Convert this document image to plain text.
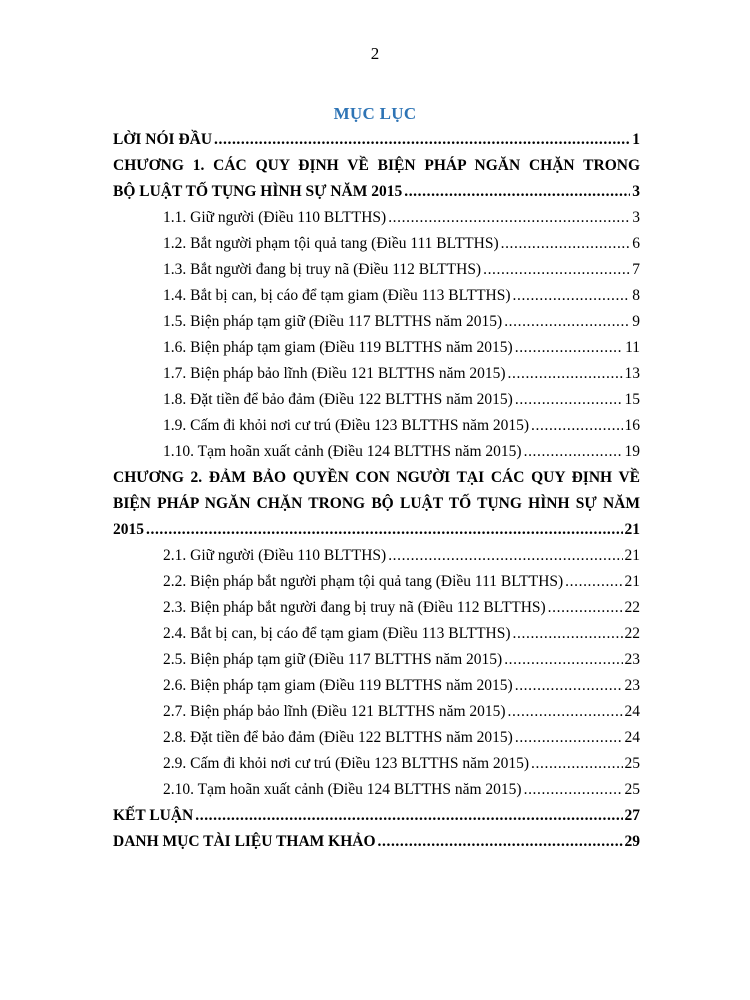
2
MỤC LỤC
LỜI NÓI ĐẦU .....	1
CHƯƠNG 1. CÁC QUY ĐỊNH VỀ BIỆN PHÁP NGĂN CHẶN TRONG
BỘ LUẬT TỐ TỤNG HÌNH SỰ NĂM 2015 .....	3
1.1. Giữ người (Điều 110 BLTTHS) .....	3
1.2. Bắt người phạm tội quả tang (Điều 111 BLTTHS) .....	6
1.3. Bắt người đang bị truy nã (Điều 112 BLTTHS) .....	7
1.4. Bắt bị can, bị cáo để tạm giam (Điều 113 BLTTHS) .....	8
1.5. Biện pháp tạm giữ (Điều 117 BLTTHS năm 2015) .....	9
1.6. Biện pháp tạm giam (Điều 119 BLTTHS năm 2015) .....	11
1.7. Biện pháp bảo lĩnh (Điều 121 BLTTHS năm 2015) .....	13
1.8. Đặt tiền để bảo đảm (Điều 122 BLTTHS năm 2015) .....	15
1.9. Cấm đi khỏi nơi cư trú (Điều 123 BLTTHS năm 2015) .....	16
1.10. Tạm hoãn xuất cảnh (Điều 124 BLTTHS năm 2015) .....	19
CHƯƠNG 2. ĐẢM BẢO QUYỀN CON NGƯỜI TẠI CÁC QUY ĐỊNH VỀ
BIỆN PHÁP NGĂN CHẶN TRONG BỘ LUẬT TỐ TỤNG HÌNH SỰ NĂM
2015 .....	21
2.1. Giữ người (Điều 110 BLTTHS) .....	21
2.2. Biện pháp bắt người phạm tội quả tang (Điều 111 BLTTHS) .....	21
2.3. Biện pháp bắt người đang bị truy nã (Điều 112 BLTTHS) .....	22
2.4. Bắt bị can, bị cáo để tạm giam (Điều 113 BLTTHS) .....	22
2.5. Biện pháp tạm giữ (Điều 117 BLTTHS năm 2015) .....	23
2.6. Biện pháp tạm giam (Điều 119 BLTTHS năm 2015) .....	23
2.7. Biện pháp bảo lĩnh (Điều 121 BLTTHS năm 2015) .....	24
2.8. Đặt tiền để bảo đảm (Điều 122 BLTTHS năm 2015) .....	24
2.9. Cấm đi khỏi nơi cư trú (Điều 123 BLTTHS năm 2015) .....	25
2.10. Tạm hoãn xuất cảnh (Điều 124 BLTTHS năm 2015) .....	25
KẾT LUẬN .....	27
DANH MỤC TÀI LIỆU THAM KHẢO .....	29
